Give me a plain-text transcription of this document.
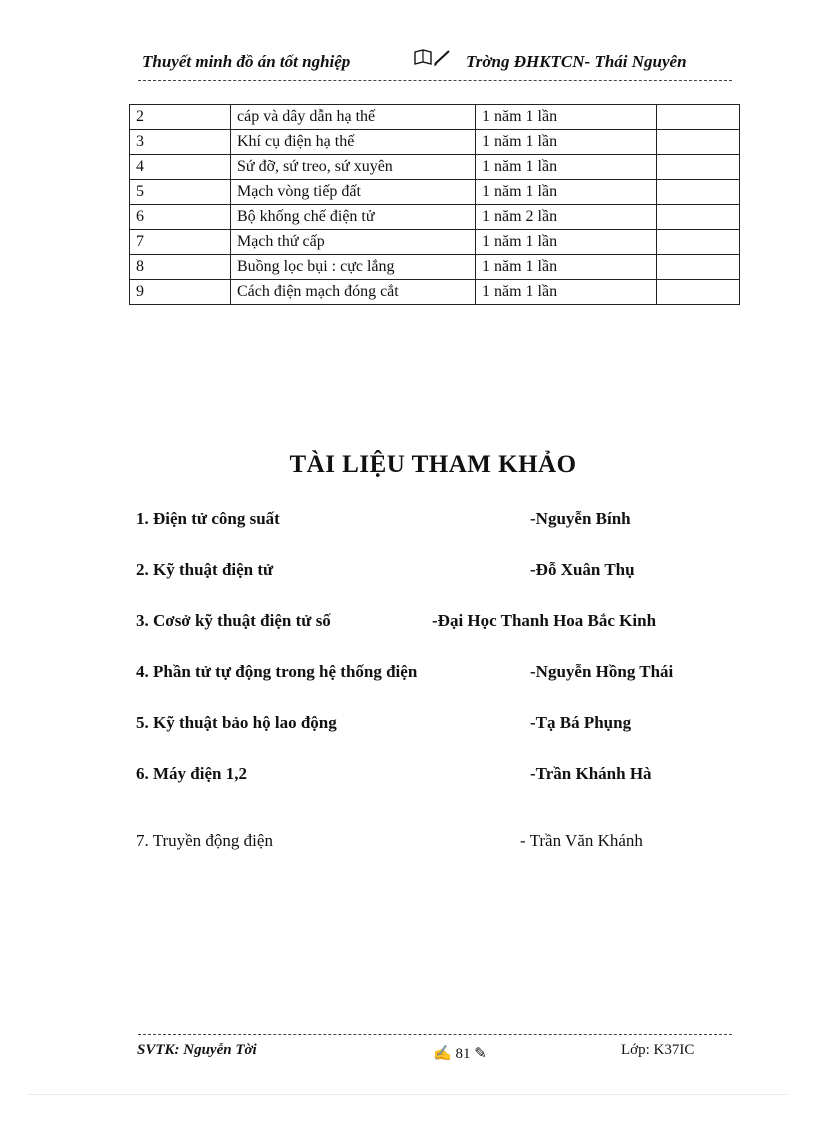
Thuyết minh đồ án tốt nghiệp	Trờng ĐHKTCN- Thái Nguyên
2	cáp và dây dẫn hạ thế	1 năm 1 lần	
3	Khí cụ điện hạ thế	1 năm 1 lần	
4	Sứ đỡ, sứ treo, sứ xuyên	1 năm 1 lần	
5	Mạch vòng tiếp đất	1 năm 1 lần	
6	Bộ khống chế điện tử	1 năm 2 lần	
7	Mạch thứ cấp	1 năm 1 lần	
8	Buồng lọc bụi : cực lắng	1 năm 1 lần	
9	Cách điện mạch đóng cắt	1 năm 1 lần	
TÀI LIỆU THAM KHẢO
1. Điện tử công suất	-Nguyễn Bính
2. Kỹ thuật điện tử	-Đỗ Xuân Thụ
3. Cơsở kỹ thuật điện tử số	-Đại Học Thanh Hoa Bắc Kinh
4. Phần tử tự động trong hệ thống điện	-Nguyễn Hồng Thái
5. Kỹ thuật bảo hộ lao động	-Tạ Bá Phụng
6. Máy điện 1,2	-Trần Khánh Hà
7. Truyền động điện	- Trần Văn Khánh
SVTK: Nguyễn Tời	✍ 81 ✎	Lớp: K37IC
